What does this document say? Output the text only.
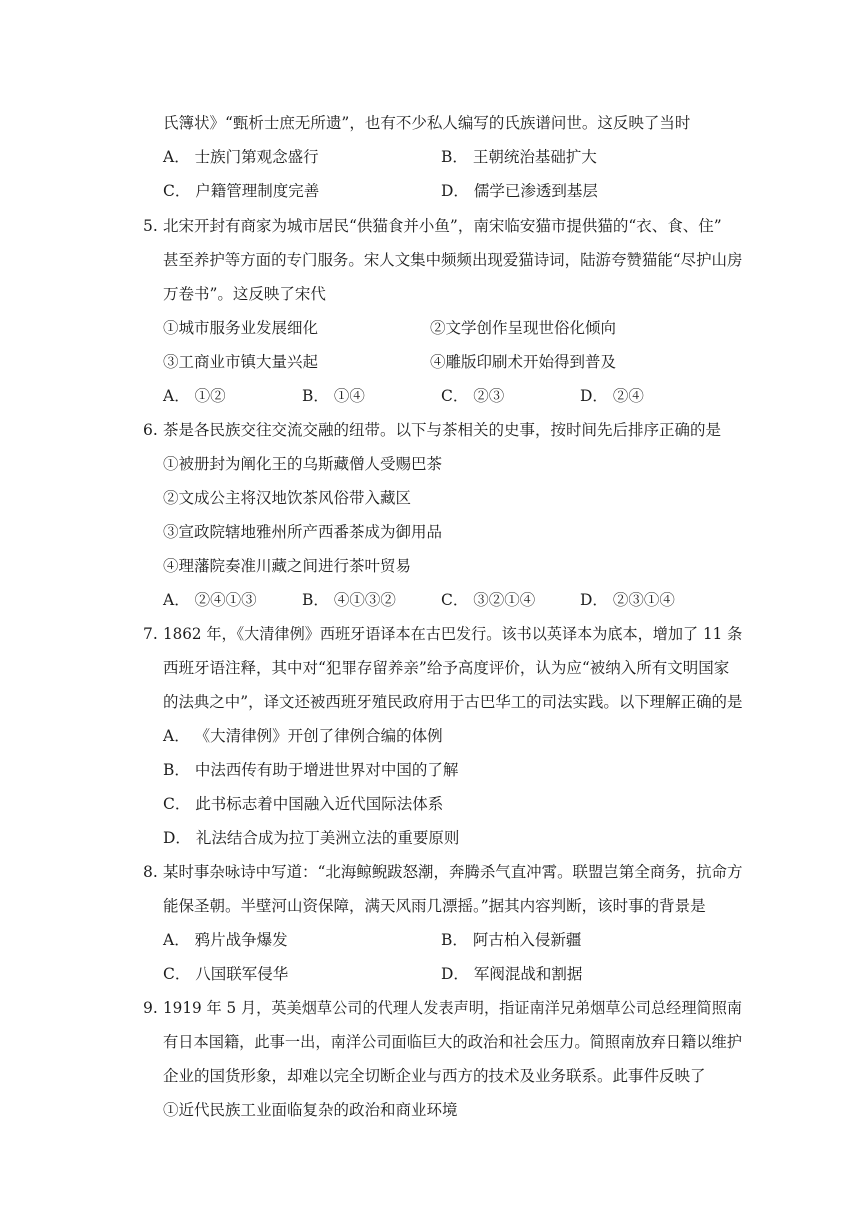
氏簿状》“甄析士庶无所遗”，也有不少私人编写的氏族谱问世。这反映了当时
A． 士族门第观念盛行	B． 王朝统治基础扩大
C． 户籍管理制度完善	D． 儒学已渗透到基层
5. 北宋开封有商家为城市居民“供猫食并小鱼”，南宋临安猫市提供猫的“衣、食、住”
甚至养护等方面的专门服务。宋人文集中频频出现爱猫诗词，陆游夸赞猫能“尽护山房
万卷书”。这反映了宋代
①城市服务业发展细化	②文学创作呈现世俗化倾向
③工商业市镇大量兴起	④雕版印刷术开始得到普及
A． ①②	B． ①④	C． ②③	D． ②④
6. 茶是各民族交往交流交融的纽带。以下与茶相关的史事，按时间先后排序正确的是
①被册封为阐化王的乌斯藏僧人受赐巴茶
②文成公主将汉地饮茶风俗带入藏区
③宣政院辖地雅州所产西番茶成为御用品
④理藩院奏准川藏之间进行茶叶贸易
A． ②④①③	B． ④①③②	C． ③②①④	D． ②③①④
7. 1862 年，《大清律例》西班牙语译本在古巴发行。该书以英译本为底本，增加了 11 条
西班牙语注释，其中对“犯罪存留养亲”给予高度评价，认为应“被纳入所有文明国家
的法典之中”，译文还被西班牙殖民政府用于古巴华工的司法实践。以下理解正确的是
A． 《大清律例》开创了律例合编的体例
B． 中法西传有助于增进世界对中国的了解
C． 此书标志着中国融入近代国际法体系
D． 礼法结合成为拉丁美洲立法的重要原则
8. 某时事杂咏诗中写道：“北海鲸鲵跋怒潮，奔腾杀气直冲霄。联盟岂第全商务，抗命方
能保圣朝。半壁河山资保障，满天风雨几漂摇。”据其内容判断，该时事的背景是
A． 鸦片战争爆发	B． 阿古柏入侵新疆
C． 八国联军侵华	D． 军阀混战和割据
9. 1919 年 5 月，英美烟草公司的代理人发表声明，指证南洋兄弟烟草公司总经理简照南
有日本国籍，此事一出，南洋公司面临巨大的政治和社会压力。简照南放弃日籍以维护
企业的国货形象，却难以完全切断企业与西方的技术及业务联系。此事件反映了
①近代民族工业面临复杂的政治和商业环境
